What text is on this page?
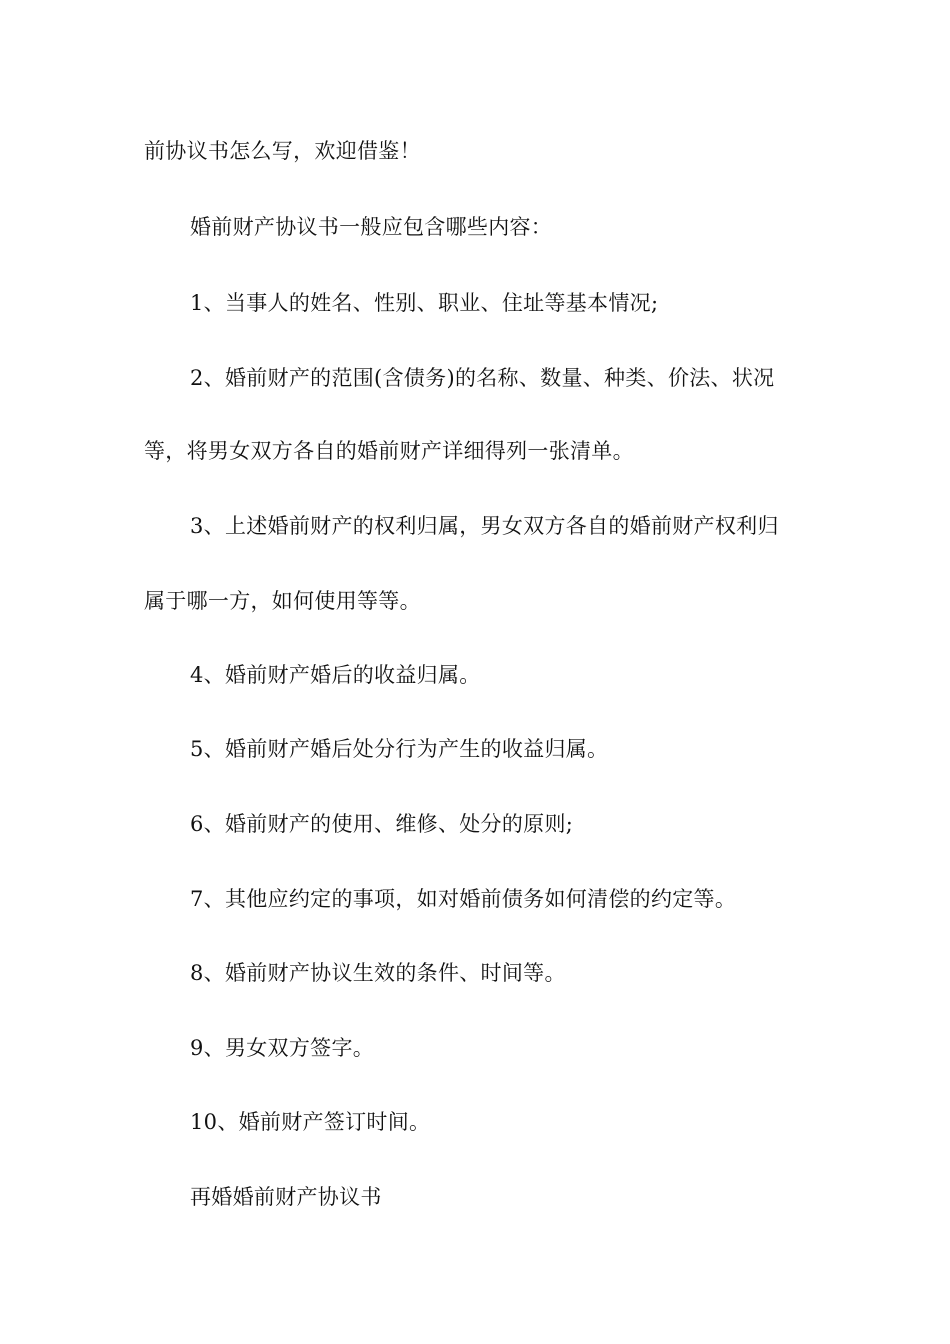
前协议书怎么写，欢迎借鉴！
婚前财产协议书一般应包含哪些内容：
1、当事人的姓名、性别、职业、住址等基本情况;
2、婚前财产的范围(含债务)的名称、数量、种类、价法、状况
等，将男女双方各自的婚前财产详细得列一张清单。
3、上述婚前财产的权利归属，男女双方各自的婚前财产权利归
属于哪一方，如何使用等等。
4、婚前财产婚后的收益归属。
5、婚前财产婚后处分行为产生的收益归属。
6、婚前财产的使用、维修、处分的原则;
7、其他应约定的事项，如对婚前债务如何清偿的约定等。
8、婚前财产协议生效的条件、时间等。
9、男女双方签字。
10、婚前财产签订时间。
再婚婚前财产协议书
